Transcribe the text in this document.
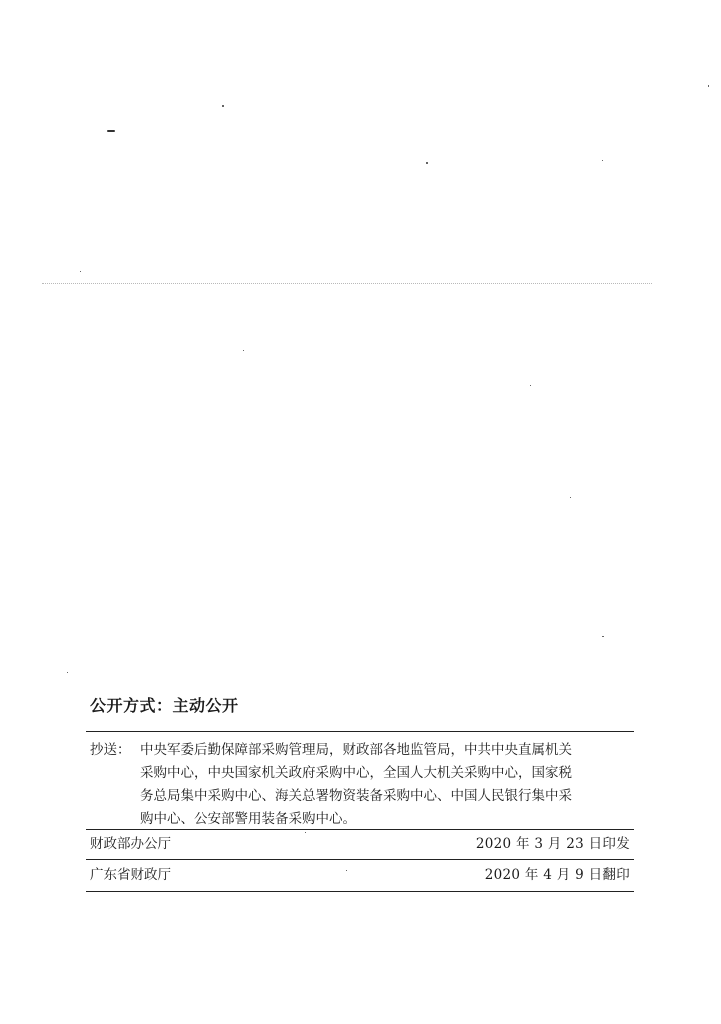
公开方式：主动公开
抄送： 中央军委后勤保障部采购管理局，财政部各地监管局，中共中央直属机关
采购中心，中央国家机关政府采购中心，全国人大机关采购中心，国家税
务总局集中采购中心、海关总署物资装备采购中心、中国人民银行集中采
购中心、公安部警用装备采购中心。
财政部办公厅	2020 年 3 月 23 日印发
广东省财政厅	2020 年 4 月 9 日翻印
